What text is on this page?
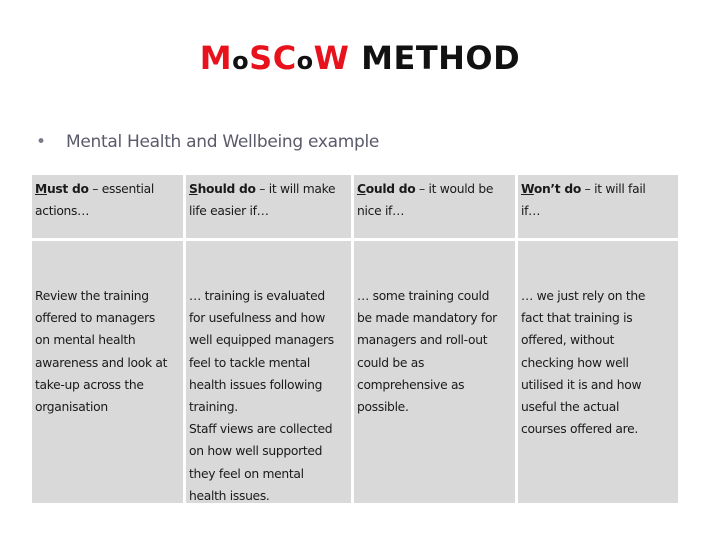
MoSCoW METHOD
• Mental Health and Wellbeing example
Must do – essential
actions…
Should do – it will make
life easier if…
Could do – it would be
nice if…
Won’t do – it will fail
if…
Review the training
offered to managers
on mental health
awareness and look at
take-up across the
organisation
… training is evaluated
for usefulness and how
well equipped managers
feel to tackle mental
health issues following
training.
Staff views are collected
on how well supported
they feel on mental
health issues.
… some training could
be made mandatory for
managers and roll-out
could be as
comprehensive as
possible.
… we just rely on the
fact that training is
offered, without
checking how well
utilised it is and how
useful the actual
courses offered are.
